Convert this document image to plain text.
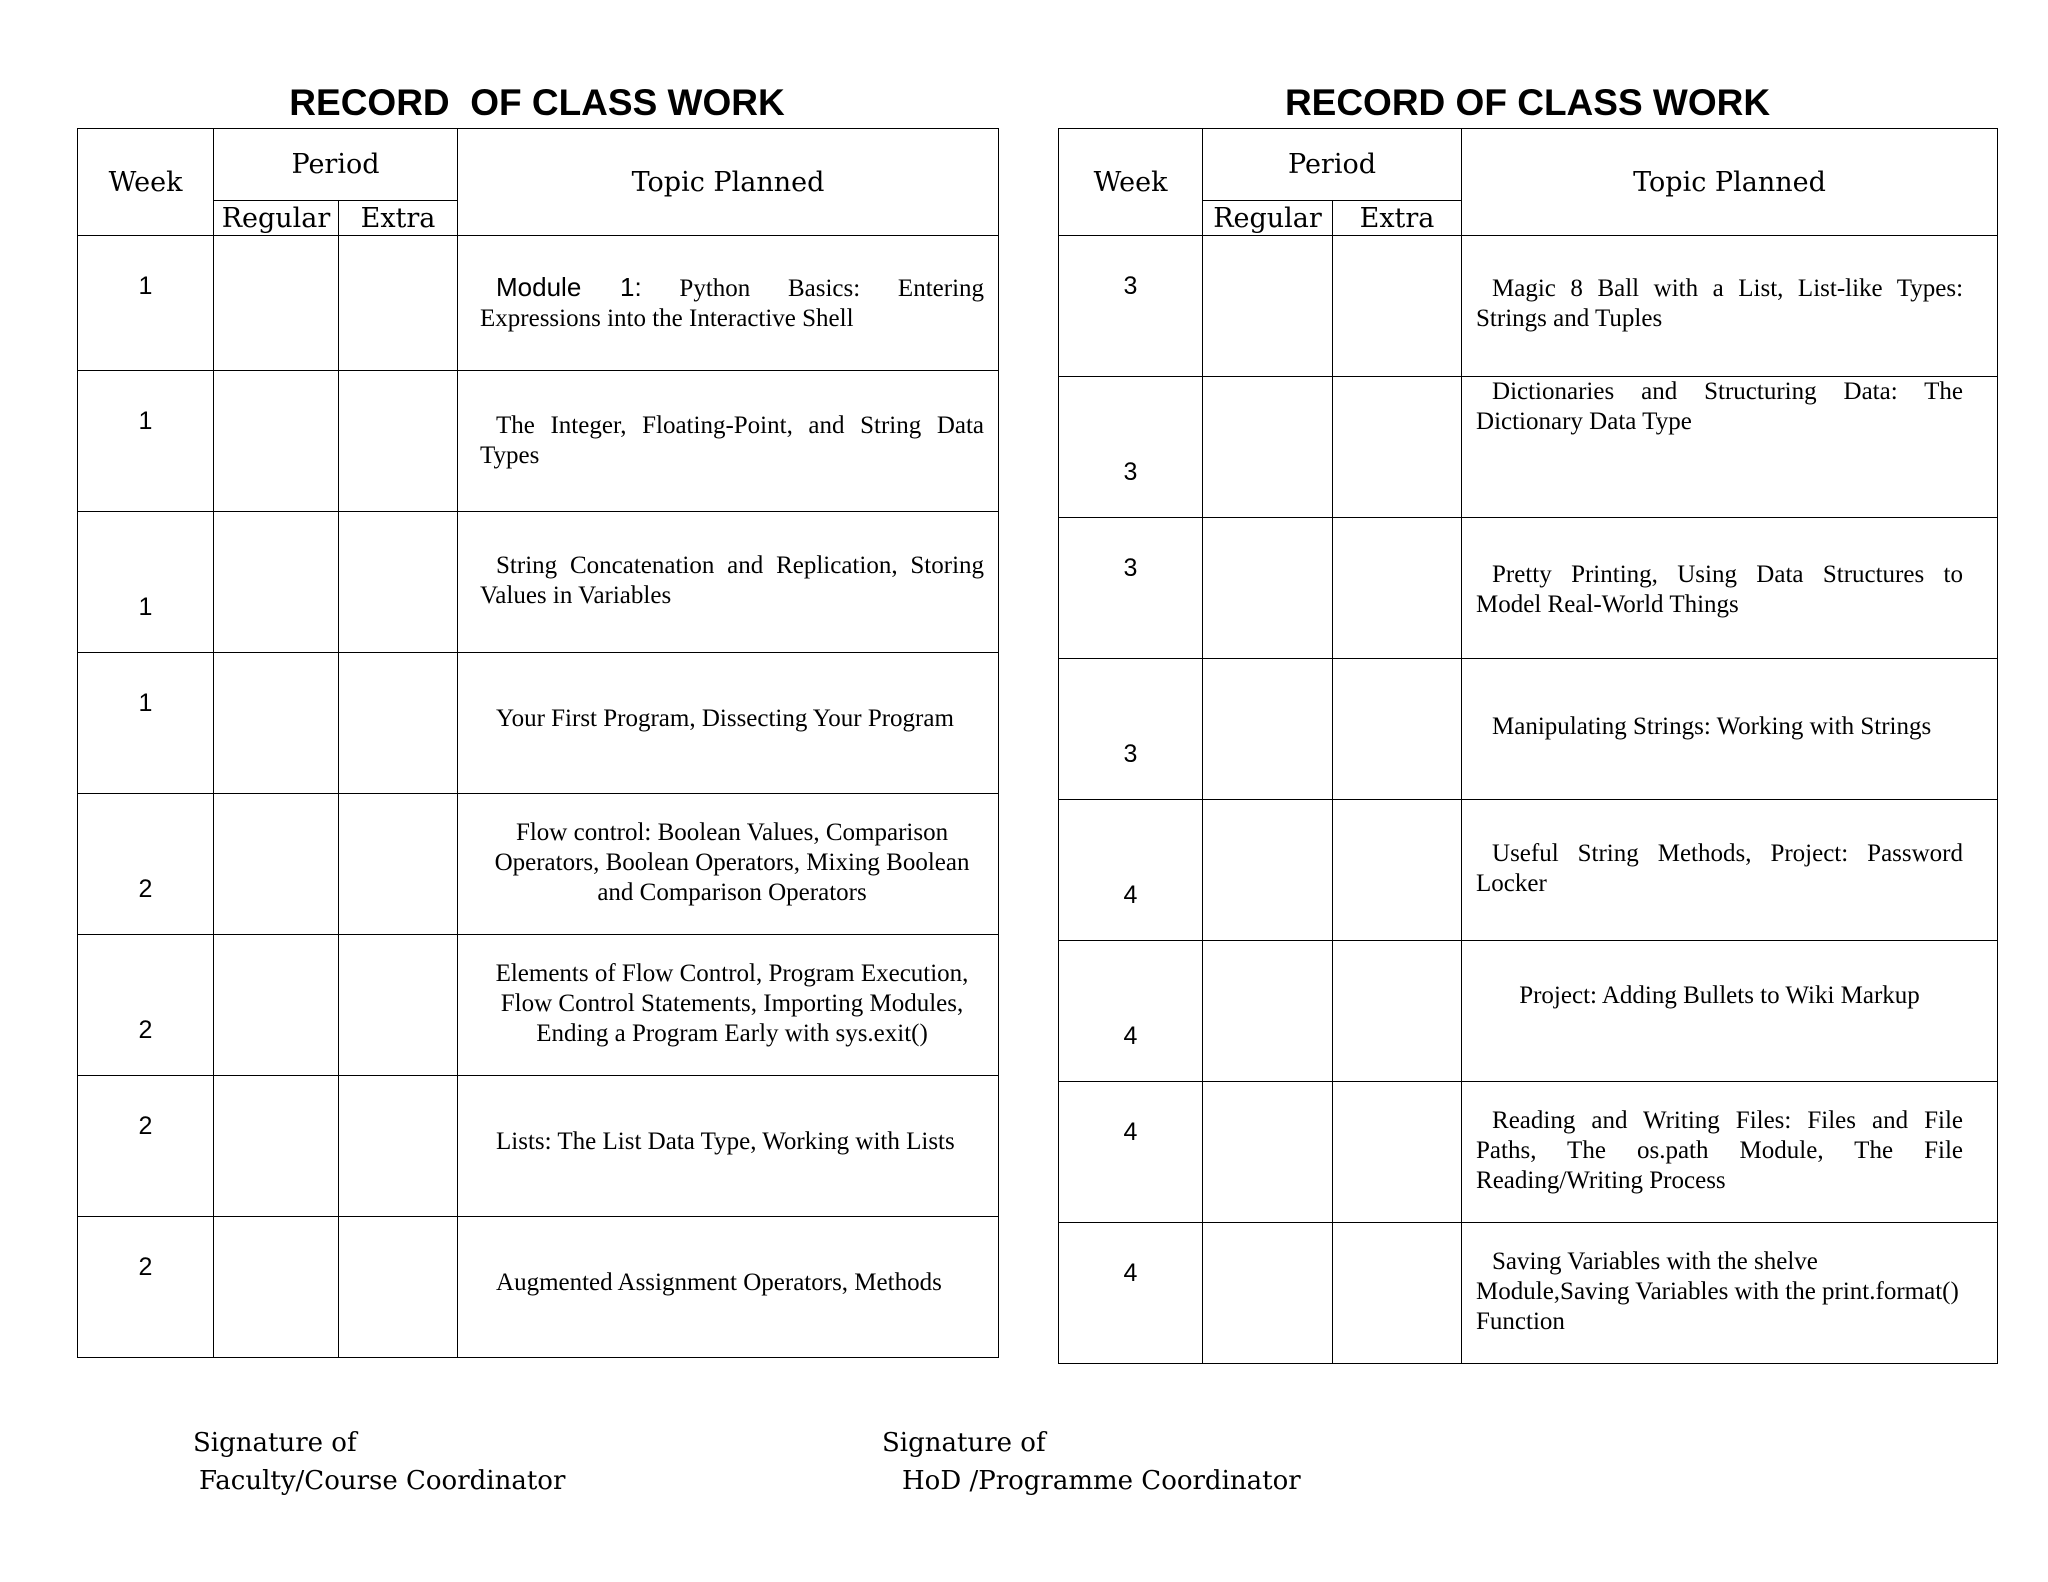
RECORD  OF CLASS WORK	RECORD OF CLASS WORK
Week	Period		Topic Planned
	Regular	Extra	
1			Module 1: Python Basics: Entering Expressions into the Interactive Shell

1			The Integer, Floating-Point, and String Data Types

1			String Concatenation and Replication, Storing Values in Variables

1			Your First Program, Dissecting Your Program

2			Flow control: Boolean Values, Comparison Operators, Boolean Operators, Mixing Boolean and Comparison Operators

2			Elements of Flow Control, Program Execution, Flow Control Statements, Importing Modules, Ending a Program Early with sys.exit()

2			Lists: The List Data Type, Working with Lists

2			Augmented Assignment Operators, Methods
Week	Period		Topic Planned
	Regular	Extra	
3			Magic 8 Ball with a List, List-like Types: Strings and Tuples

3			Dictionaries and Structuring Data: The Dictionary Data Type

3			Pretty Printing, Using Data Structures to Model Real-World Things

3			Manipulating Strings: Working with Strings

4			Useful String Methods, Project: Password Locker

4			Project: Adding Bullets to Wiki Markup

4			Reading and Writing Files: Files and File Paths, The os.path Module, The File Reading/Writing Process

4			Saving Variables with the shelve Module,Saving Variables with the print.format() Function
Signature of
Faculty/Course Coordinator
Signature of
HoD /Programme Coordinator
